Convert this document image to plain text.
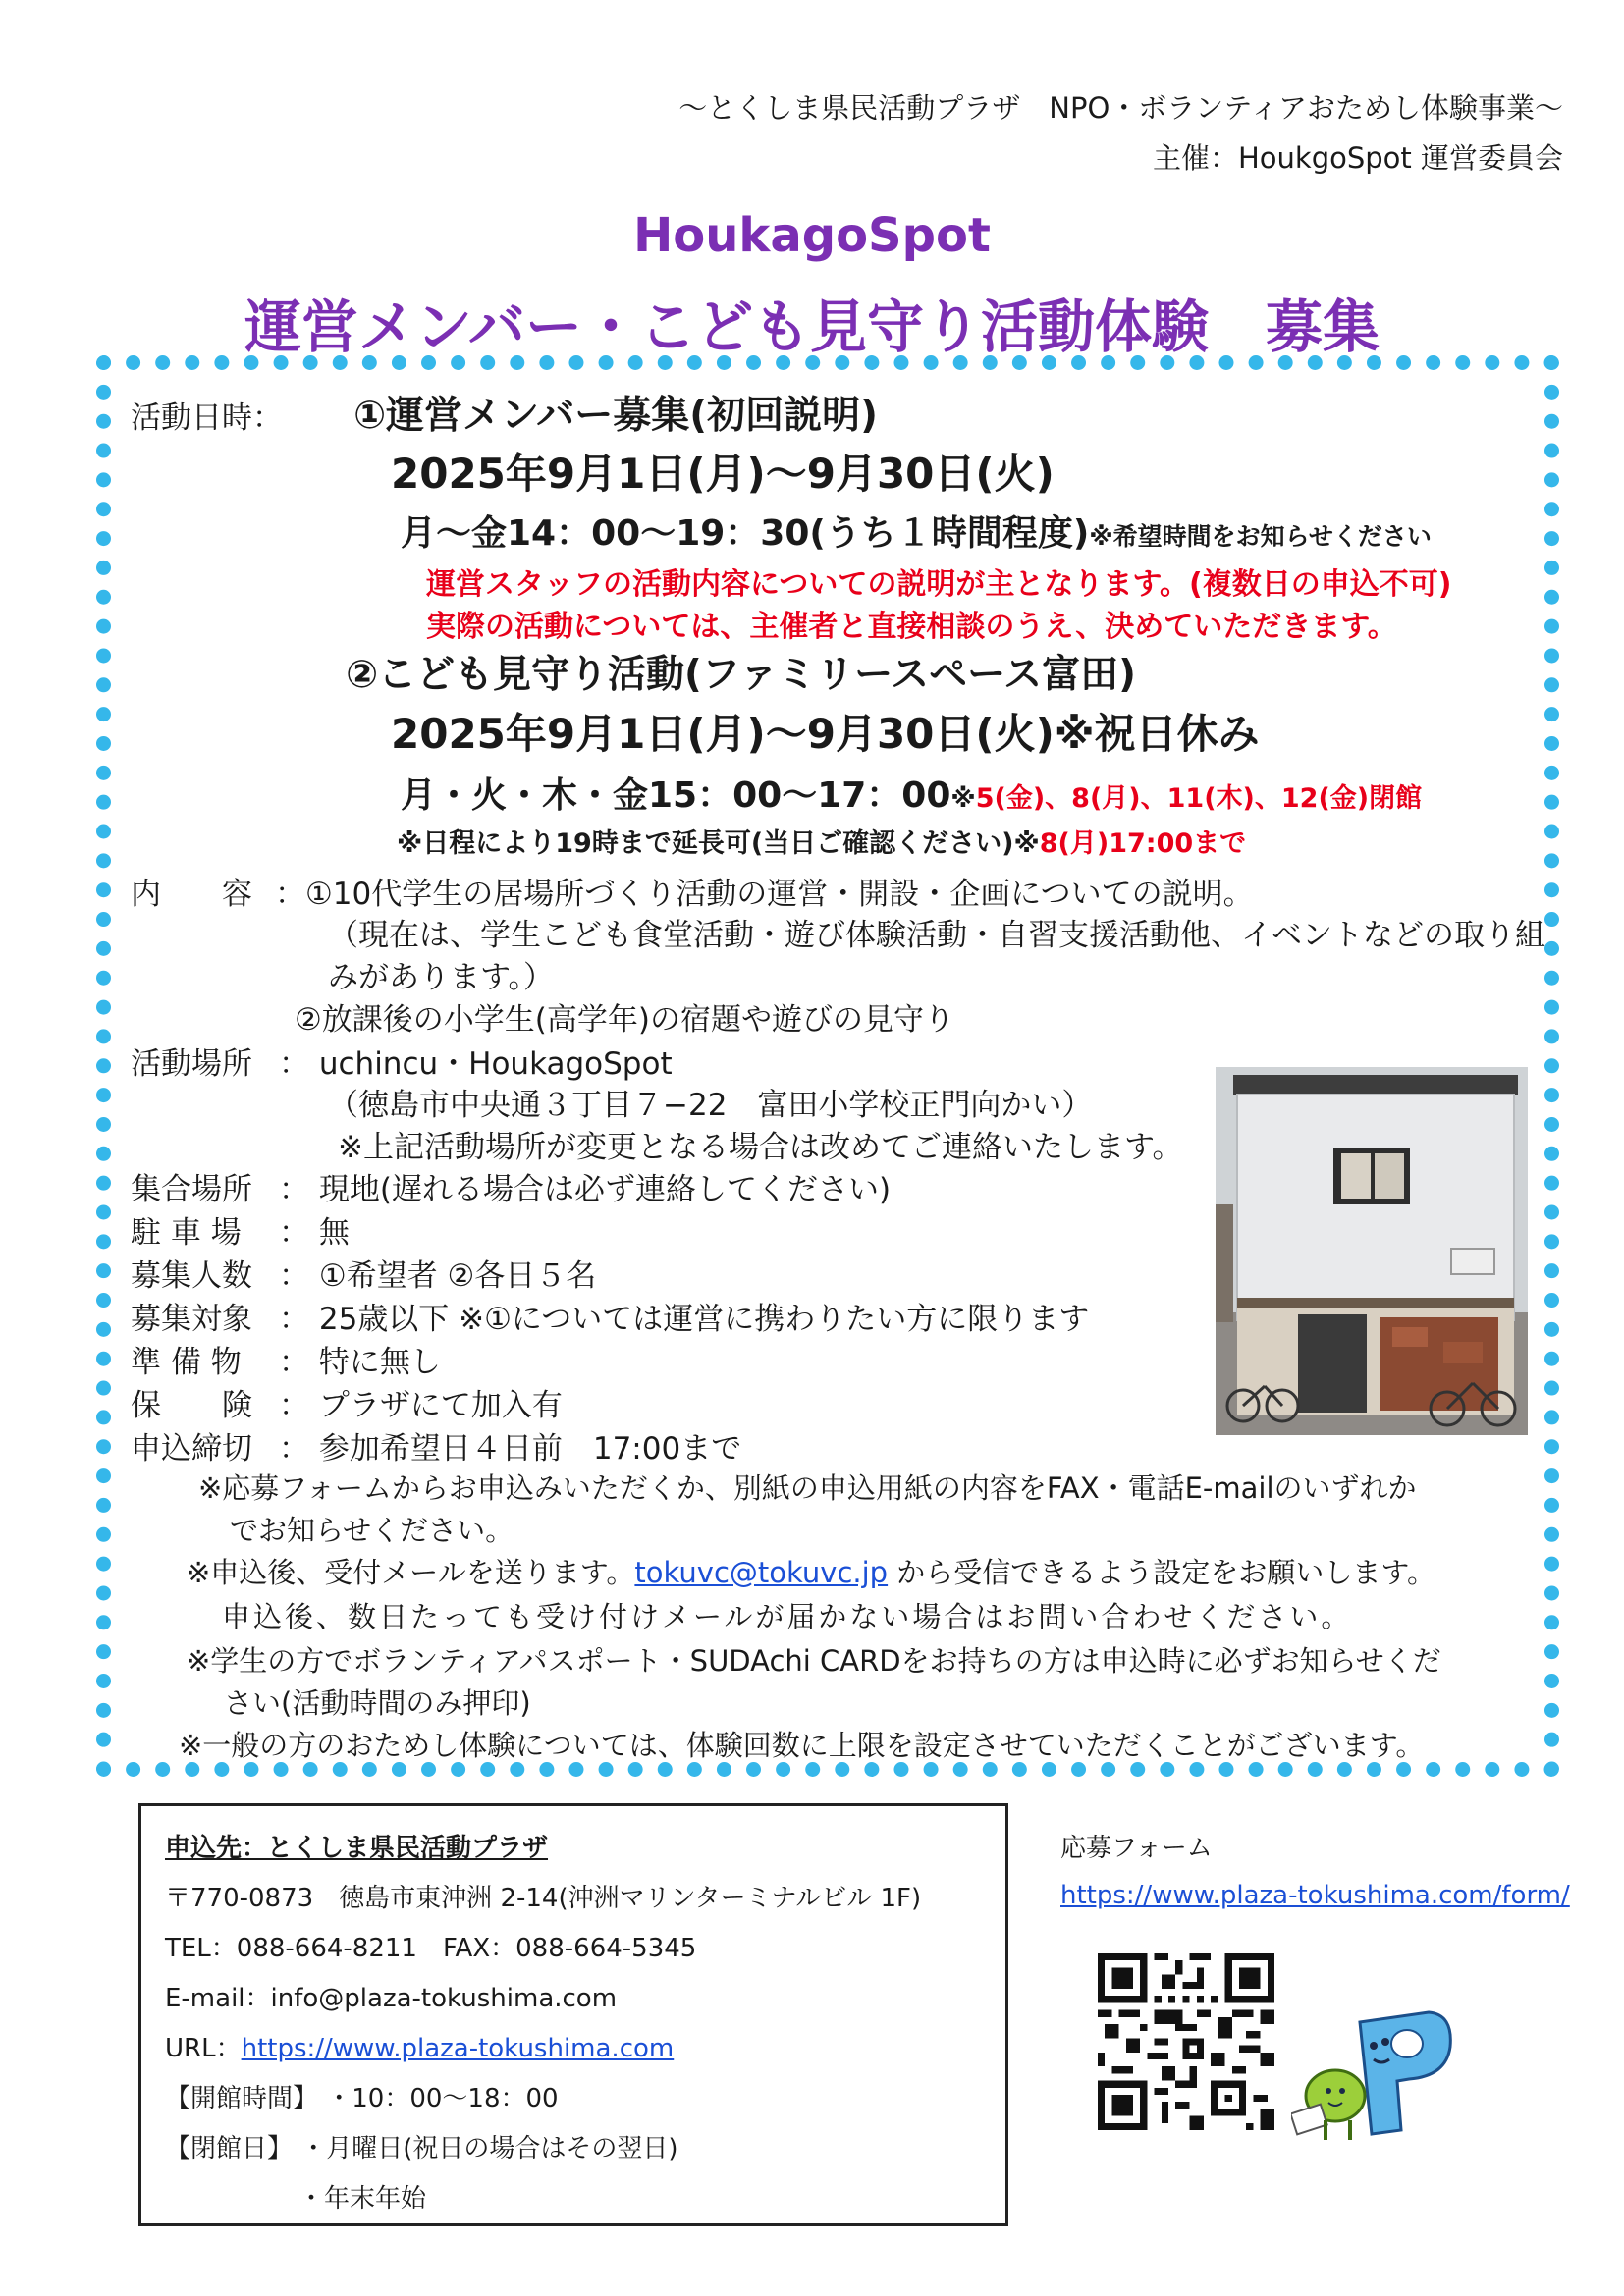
～とくしま県民活動プラザ　NPO・ボランティアおためし体験事業～
主催：HoukgoSpot 運営委員会
HoukagoSpot
運営メンバー・こども見守り活動体験　募集
活動日時： ①運営メンバー募集(初回説明)
2025年9月1日(月)～9月30日(火)
月～金14：00～19：30(うち１時間程度)※希望時間をお知らせください
運営スタッフの活動内容についての説明が主となります。(複数日の申込不可)
実際の活動については、主催者と直接相談のうえ、決めていただきます。
②こども見守り活動(ファミリースペース富田)
2025年9月1日(月)～9月30日(火)※祝日休み
月・火・木・金15：00～17：00※5(金)、8(月)、11(木)、12(金)閉館
※日程により19時まで延長可(当日ご確認ください)※8(月)17:00まで
内　　容 ：①10代学生の居場所づくり活動の運営・開設・企画についての説明。
（現在は、学生こども食堂活動・遊び体験活動・自習支援活動他、イベントなどの取り組
みがあります。）
②放課後の小学生(高学年)の宿題や遊びの見守り
活動場所 ： uchincu・HoukagoSpot
（徳島市中央通３丁目７−22　富田小学校正門向かい）
※上記活動場所が変更となる場合は改めてご連絡いたします。
集合場所 ： 現地(遅れる場合は必ず連絡してください)
駐 車 場 ： 無
募集人数 ： ①希望者 ②各日５名
募集対象 ： 25歳以下 ※①については運営に携わりたい方に限ります
準 備 物 ： 特に無し
保　　険 ： プラザにて加入有
申込締切 ： 参加希望日４日前　17:00まで
※応募フォームからお申込みいただくか、別紙の申込用紙の内容をFAX・電話E-mailのいずれか
でお知らせください。
※申込後、受付メールを送ります。tokuvc@tokuvc.jp から受信できるよう設定をお願いします。
申込後、数日たっても受け付けメールが届かない場合はお問い合わせください。
※学生の方でボランティアパスポート・SUDAchi CARDをお持ちの方は申込時に必ずお知らせくだ
さい(活動時間のみ押印)
※一般の方のおためし体験については、体験回数に上限を設定させていただくことがございます。
申込先：とくしま県民活動プラザ
〒770-0873　徳島市東沖洲 2-14(沖洲マリンターミナルビル 1F)
TEL：088-664-8211　FAX：088-664-5345
E-mail：info@plaza-tokushima.com
URL：https://www.plaza-tokushima.com
【開館時間】 ・10：00～18：00
【閉館日】 ・月曜日(祝日の場合はその翌日)
・年末年始
応募フォーム
https://www.plaza-tokushima.com/form/
